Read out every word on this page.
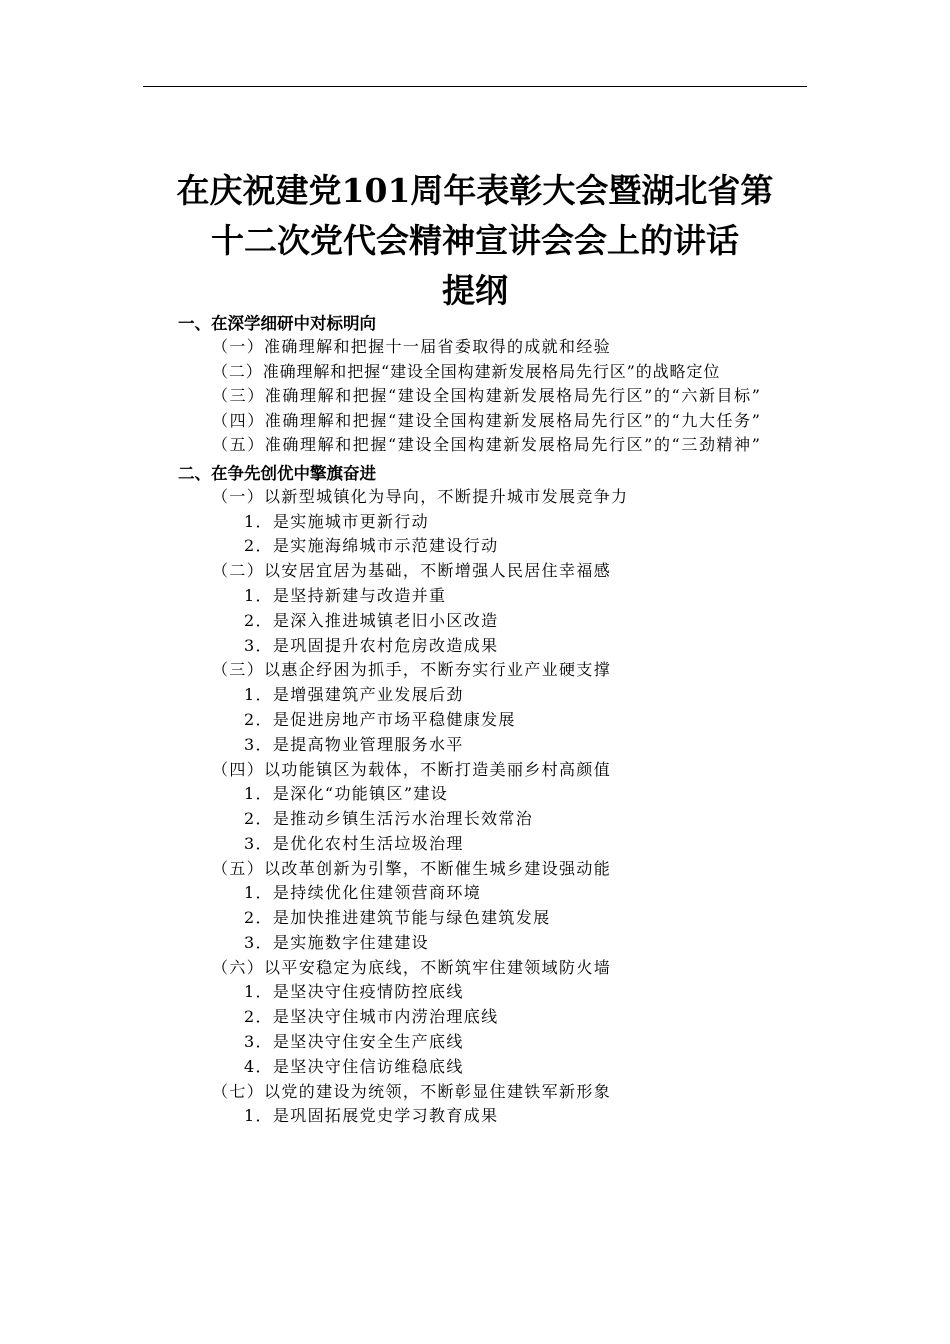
在庆祝建党101周年表彰大会暨湖北省第
十二次党代会精神宣讲会会上的讲话
提纲
一、在深学细研中对标明向
（一）准确理解和把握十一届省委取得的成就和经验
（二）准确理解和把握“建设全国构建新发展格局先行区”的战略定位
（三）准确理解和把握“建设全国构建新发展格局先行区”的“六新目标”
（四）准确理解和把握“建设全国构建新发展格局先行区”的“九大任务”
（五）准确理解和把握“建设全国构建新发展格局先行区”的“三劲精神”
二、在争先创优中擎旗奋进
（一）以新型城镇化为导向，不断提升城市发展竞争力
1．是实施城市更新行动
2．是实施海绵城市示范建设行动
（二）以安居宜居为基础，不断增强人民居住幸福感
1．是坚持新建与改造并重
2．是深入推进城镇老旧小区改造
3．是巩固提升农村危房改造成果
（三）以惠企纾困为抓手，不断夯实行业产业硬支撑
1．是增强建筑产业发展后劲
2．是促进房地产市场平稳健康发展
3．是提高物业管理服务水平
（四）以功能镇区为载体，不断打造美丽乡村高颜值
1．是深化“功能镇区”建设
2．是推动乡镇生活污水治理长效常治
3．是优化农村生活垃圾治理
（五）以改革创新为引擎，不断催生城乡建设强动能
1．是持续优化住建领营商环境
2．是加快推进建筑节能与绿色建筑发展
3．是实施数字住建建设
（六）以平安稳定为底线，不断筑牢住建领域防火墙
1．是坚决守住疫情防控底线
2．是坚决守住城市内涝治理底线
3．是坚决守住安全生产底线
4．是坚决守住信访维稳底线
（七）以党的建设为统领，不断彰显住建铁军新形象
1．是巩固拓展党史学习教育成果
